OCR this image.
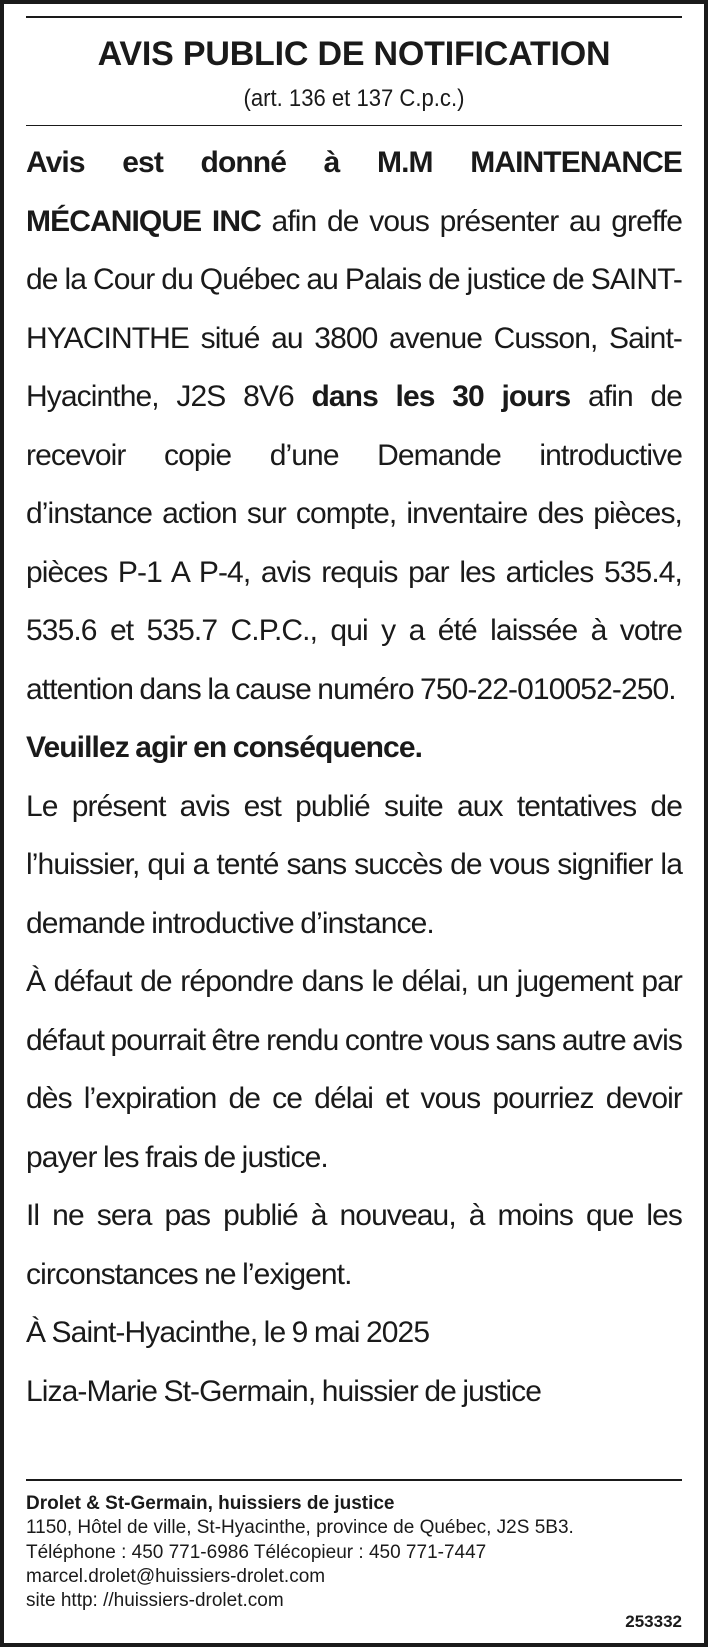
AVIS PUBLIC DE NOTIFICATION
(art. 136 et 137 C.p.c.)

Avis est donné à M.M MAINTENANCE MÉCANIQUE INC afin de vous présenter au greffe de la Cour du Québec au Palais de justice de SAINT-HYACINTHE situé au 3800 avenue Cusson, Saint-Hyacinthe, J2S 8V6 dans les 30 jours afin de recevoir copie d’une Demande introductive d’instance action sur compte, inventaire des pièces, pièces P-1 A P-4, avis requis par les articles 535.4, 535.6 et 535.7 C.P.C., qui y a été laissée à votre attention dans la cause numéro 750-22-010052-250.

Veuillez agir en conséquence.

Le présent avis est publié suite aux tentatives de l’huissier, qui a tenté sans succès de vous signifier la demande introductive d’instance.

À défaut de répondre dans le délai, un jugement par défaut pourrait être rendu contre vous sans autre avis dès l’expiration de ce délai et vous pourriez devoir payer les frais de justice.

Il ne sera pas publié à nouveau, à moins que les circonstances ne l’exigent.

À Saint-Hyacinthe, le 9 mai 2025

Liza-Marie St-Germain, huissier de justice

Drolet & St-Germain, huissiers de justice
1150, Hôtel de ville, St-Hyacinthe, province de Québec, J2S 5B3.
Téléphone : 450 771-6986 Télécopieur : 450 771-7447
marcel.drolet@huissiers-drolet.com
site http: //huissiers-drolet.com
253332
